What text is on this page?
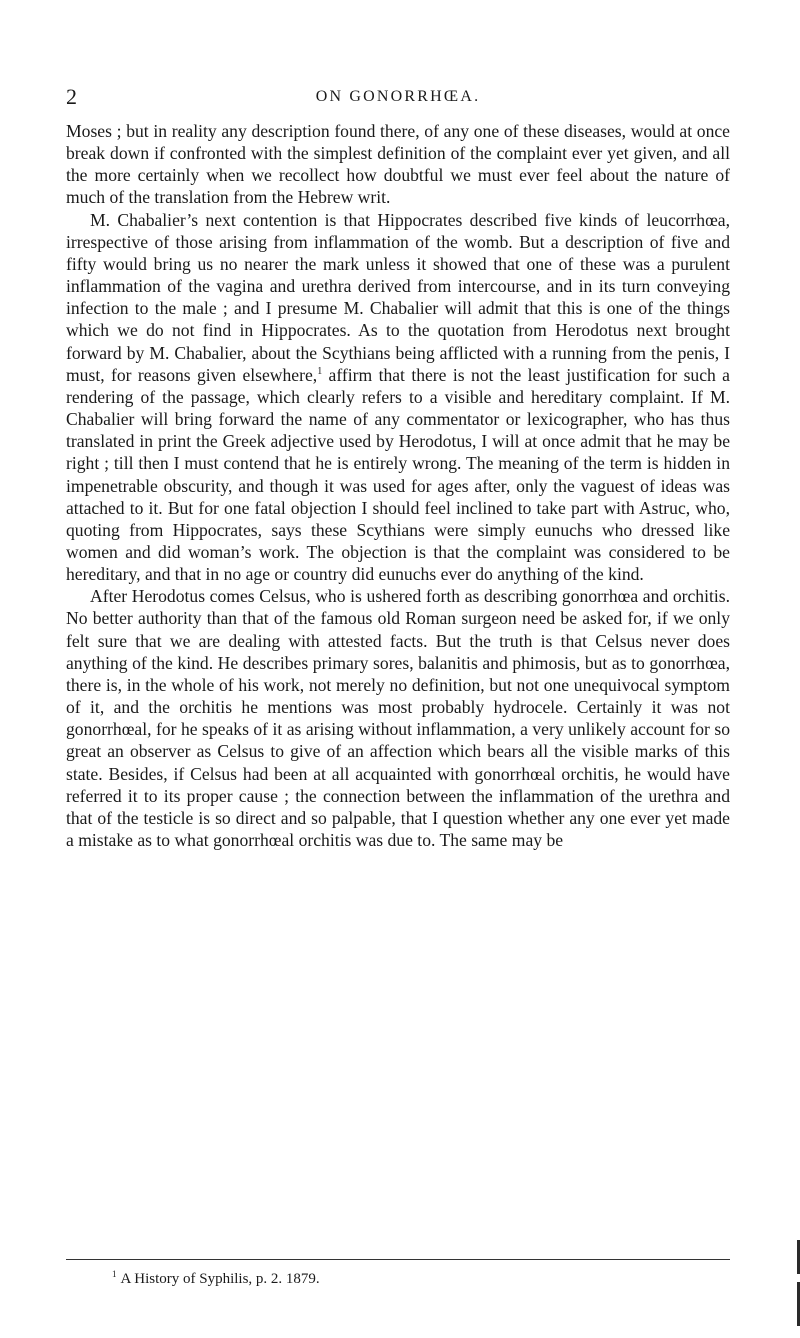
2	ON GONORRHŒA.

Moses ; but in reality any description found there, of any one of these diseases, would at once break down if confronted with the simplest definition of the complaint ever yet given, and all the more certainly when we recollect how doubtful we must ever feel about the nature of much of the translation from the Hebrew writ.

M. Chabalier’s next contention is that Hippocrates described five kinds of leucorrhœa, irrespective of those arising from inflammation of the womb. But a description of five and fifty would bring us no nearer the mark unless it showed that one of these was a purulent inflammation of the vagina and urethra derived from intercourse, and in its turn conveying infection to the male ; and I presume M. Chabalier will admit that this is one of the things which we do not find in Hippocrates. As to the quotation from Herodotus next brought forward by M. Chabalier, about the Scythians being afflicted with a running from the penis, I must, for reasons given elsewhere,$^1$ affirm that there is not the least justification for such a rendering of the passage, which clearly refers to a visible and hereditary complaint. If M. Chabalier will bring forward the name of any commentator or lexicographer, who has thus translated in print the Greek adjective used by Herodotus, I will at once admit that he may be right ; till then I must contend that he is entirely wrong. The meaning of the term is hidden in impenetrable obscurity, and though it was used for ages after, only the vaguest of ideas was attached to it. But for one fatal objection I should feel inclined to take part with Astruc, who, quoting from Hippocrates, says these Scythians were simply eunuchs who dressed like women and did woman’s work. The objection is that the complaint was considered to be hereditary, and that in no age or country did eunuchs ever do anything of the kind.

After Herodotus comes Celsus, who is ushered forth as describing gonorrhœa and orchitis. No better authority than that of the famous old Roman surgeon need be asked for, if we only felt sure that we are dealing with attested facts. But the truth is that Celsus never does anything of the kind. He describes primary sores, balanitis and phimosis, but as to gonorrhœa, there is, in the whole of his work, not merely no definition, but not one unequivocal symptom of it, and the orchitis he mentions was most probably hydrocele. Certainly it was not gonorrhœal, for he speaks of it as arising without inflammation, a very unlikely account for so great an observer as Celsus to give of an affection which bears all the visible marks of this state. Besides, if Celsus had been at all acquainted with gonorrhœal orchitis, he would have referred it to its proper cause ; the connection between the inflammation of the urethra and that of the testicle is so direct and so palpable, that I question whether any one ever yet made a mistake as to what gonorrhœal orchitis was due to. The same may be

$^1$ A History of Syphilis, p. 2. 1879.
